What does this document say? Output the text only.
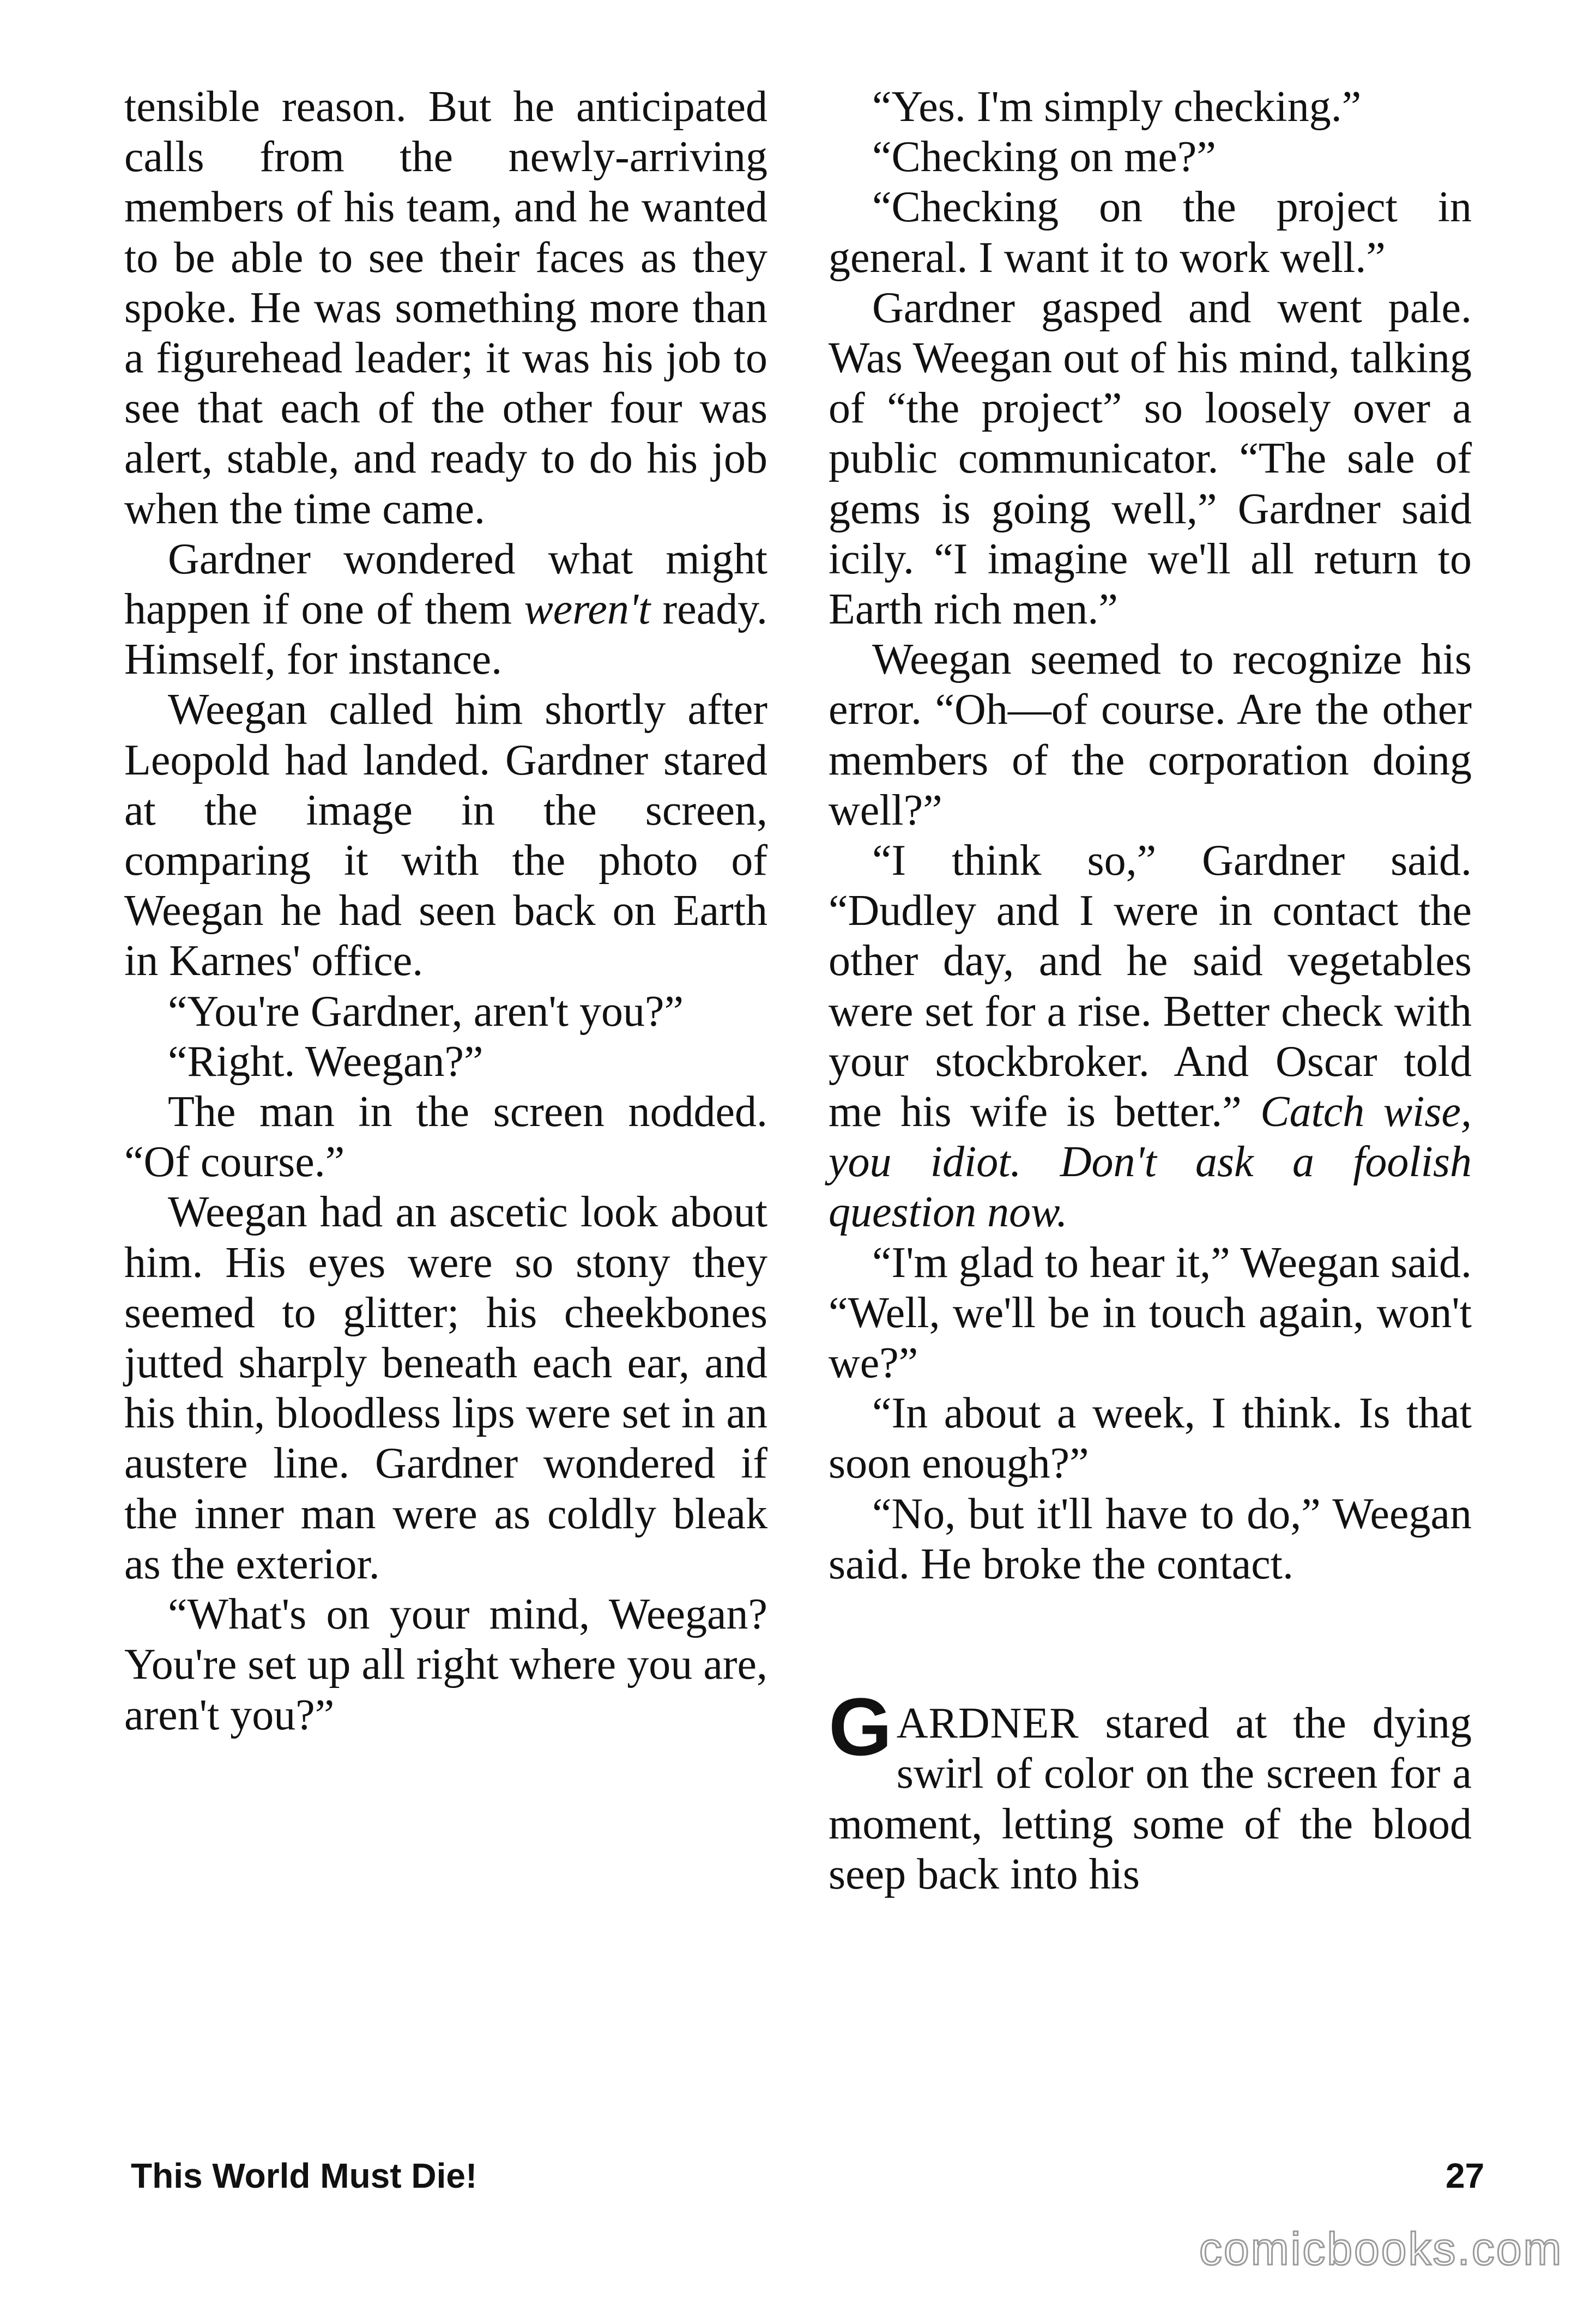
tensible reason. But he anticipated calls from the newly-arriving members of his team, and he wanted to be able to see their faces as they spoke. He was something more than a figurehead leader; it was his job to see that each of the other four was alert, stable, and ready to do his job when the time came.

Gardner wondered what might happen if one of them weren't ready. Himself, for instance.

Weegan called him shortly after Leopold had landed. Gardner stared at the image in the screen, comparing it with the photo of Weegan he had seen back on Earth in Karnes' office.

“You're Gardner, aren't you?”

“Right. Weegan?”

The man in the screen nodded. “Of course.”

Weegan had an ascetic look about him. His eyes were so stony they seemed to glitter; his cheekbones jutted sharply beneath each ear, and his thin, bloodless lips were set in an austere line. Gardner wondered if the inner man were as coldly bleak as the exterior.

“What's on your mind, Weegan? You're set up all right where you are, aren't you?”

“Yes. I'm simply checking.”

“Checking on me?”

“Checking on the project in general. I want it to work well.”

Gardner gasped and went pale. Was Weegan out of his mind, talking of “the project” so loosely over a public communicator. “The sale of gems is going well,” Gardner said icily. “I imagine we'll all return to Earth rich men.”

Weegan seemed to recognize his error. “Oh—of course. Are the other members of the corporation doing well?”

“I think so,” Gardner said. “Dudley and I were in contact the other day, and he said vegetables were set for a rise. Better check with your stockbroker. And Oscar told me his wife is better.” Catch wise, you idiot. Don't ask a foolish question now.

“I'm glad to hear it,” Weegan said. “Well, we'll be in touch again, won't we?”

“In about a week, I think. Is that soon enough?”

“No, but it'll have to do,” Weegan said. He broke the contact.

GARDNER stared at the dying swirl of color on the screen for a moment, letting some of the blood seep back into his

This World Must Die!	27
comicbooks.com
